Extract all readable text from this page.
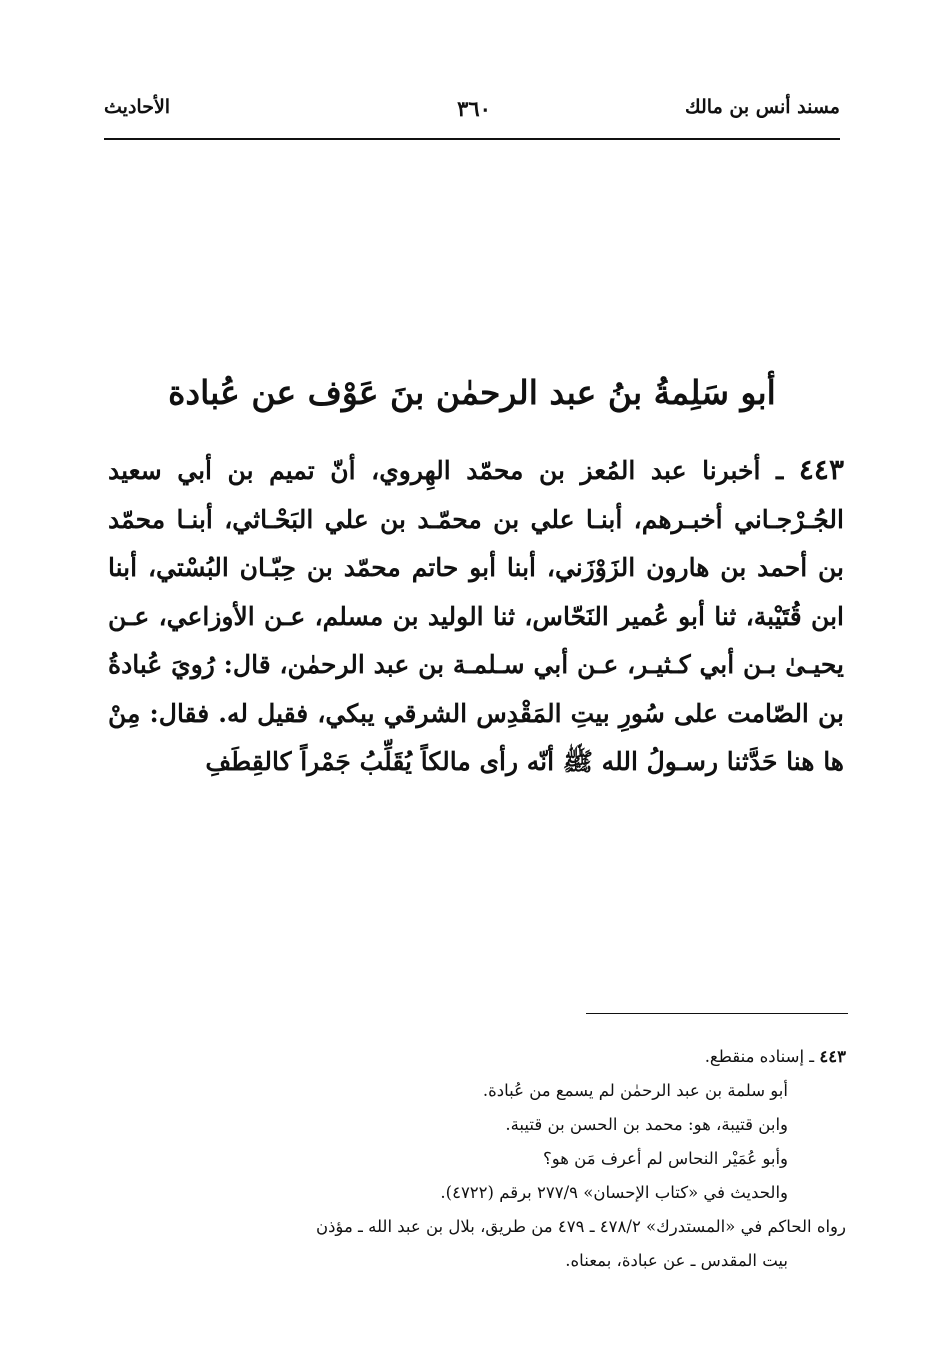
مسند أنس بن مالك
٣٦٠
الأحاديث
أبو سَلِمةُ بنُ عبد الرحمٰن بنَ عَوْف عن عُبادة
٤٤٣ ـ أخبرنا عبد المُعز بن محمّد الهِروي، أنّ تميم بن أبي سعيد الجُـرْجـاني أخبـرهم، أبنـا علي بن محمّـد بن علي البَحْـاثي، أبنـا محمّد بن أحمد بن هارون الزَوْزَني، أبنا أبو حاتم محمّد بن حِبّـان البُسْتي، أبنا ابن قُتَيْبة، ثنا أبو عُمير النَحّاس، ثنا الوليد بن مسلم، عـن الأوزاعي، عـن يحيـىٰ بـن أبي كـثيـر، عـن أبي سـلمـة بن عبد الرحمٰن، قال: رُويَ عُبادةُ بن الصّامت على سُورِ بيتِ المَقْدِس الشرقي يبكي، فقيل له. فقال: مِنْ ها هنا حَدَّثنا رسـولُ الله ﷺ أنّه رأى مالكاً يُقَلِّبُ جَمْراً كالقِطَفِ
٤٤٣ ـ إسناده منقطع.
أبو سلمة بن عبد الرحمٰن لم يسمع من عُبادة.
وابن قتيبة، هو: محمد بن الحسن بن قتيبة.
وأبو عُمَيْر النحاس لم أعرف مَن هو؟
والحديث في «كتاب الإحسان» ٢٧٧/٩ برقم (٤٧٢٢).
رواه الحاكم في «المستدرك» ٤٧٨/٢ ـ ٤٧٩ من طريق، بلال بن عبد الله ـ مؤذن
بيت المقدس ـ عن عبادة، بمعناه.
